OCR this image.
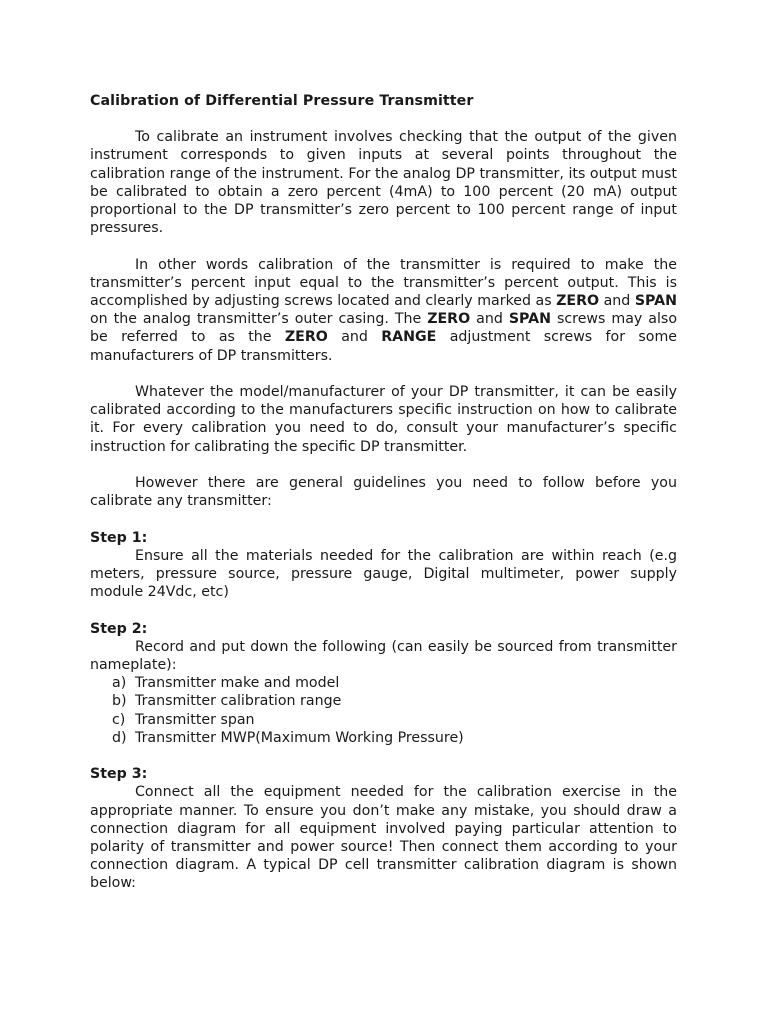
Calibration of Differential Pressure Transmitter

To calibrate an instrument involves checking that the output of the given instrument corresponds to given inputs at several points throughout the calibration range of the instrument. For the analog DP transmitter, its output must be calibrated to obtain a zero percent (4mA) to 100 percent (20 mA) output proportional to the DP transmitter’s zero percent to 100 percent range of input pressures.

In other words calibration of the transmitter is required to make the transmitter’s percent input equal to the transmitter’s percent output. This is accomplished by adjusting screws located and clearly marked as ZERO and SPAN on the analog transmitter’s outer casing. The ZERO and SPAN screws may also be referred to as the ZERO and RANGE adjustment screws for some manufacturers of DP transmitters.

Whatever the model/manufacturer of your DP transmitter, it can be easily calibrated according to the manufacturers specific instruction on how to calibrate it. For every calibration you need to do, consult your manufacturer’s specific instruction for calibrating the specific DP transmitter.

However there are general guidelines you need to follow before you calibrate any transmitter:

Step 1:

Ensure all the materials needed for the calibration are within reach (e.g meters, pressure source, pressure gauge, Digital multimeter, power supply module 24Vdc, etc)

Step 2:

Record and put down the following (can easily be sourced from transmitter nameplate):

a) Transmitter make and model
b) Transmitter calibration range
c) Transmitter span
d) Transmitter MWP(Maximum Working Pressure)

Step 3:

Connect all the equipment needed for the calibration exercise in the appropriate manner. To ensure you don’t make any mistake, you should draw a connection diagram for all equipment involved paying particular attention to polarity of transmitter and power source! Then connect them according to your connection diagram. A typical DP cell transmitter calibration diagram is shown below:
